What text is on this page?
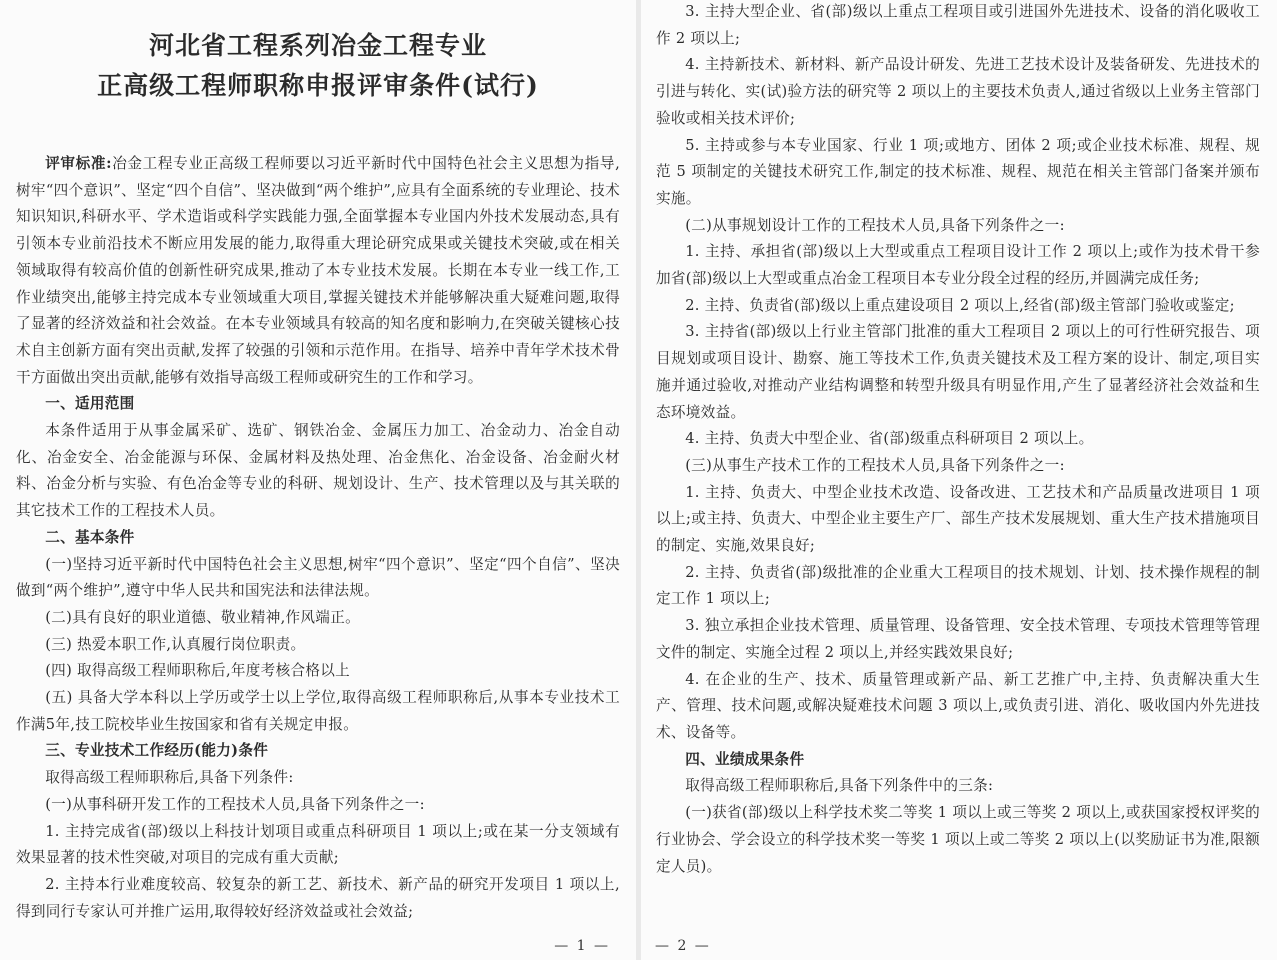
河北省工程系列冶金工程专业
正高级工程师职称申报评审条件(试行)

评审标准:冶金工程专业正高级工程师要以习近平新时代中国特色社会主义思想为指导,树牢“四个意识”、坚定“四个自信”、坚决做到“两个维护”,应具有全面系统的专业理论、技术知识知识,科研水平、学术造诣或科学实践能力强,全面掌握本专业国内外技术发展动态,具有引领本专业前沿技术不断应用发展的能力,取得重大理论研究成果或关键技术突破,或在相关领域取得有较高价值的创新性研究成果,推动了本专业技术发展。长期在本专业一线工作,工作业绩突出,能够主持完成本专业领域重大项目,掌握关键技术并能够解决重大疑难问题,取得了显著的经济效益和社会效益。在本专业领域具有较高的知名度和影响力,在突破关键核心技术自主创新方面有突出贡献,发挥了较强的引领和示范作用。在指导、培养中青年学术技术骨干方面做出突出贡献,能够有效指导高级工程师或研究生的工作和学习。

一、适用范围

本条件适用于从事金属采矿、选矿、钢铁冶金、金属压力加工、冶金动力、冶金自动化、冶金安全、冶金能源与环保、金属材料及热处理、冶金焦化、冶金设备、冶金耐火材料、冶金分析与实验、有色冶金等专业的科研、规划设计、生产、技术管理以及与其关联的其它技术工作的工程技术人员。

二、基本条件

(一)坚持习近平新时代中国特色社会主义思想,树牢“四个意识”、坚定“四个自信”、坚决做到“两个维护”,遵守中华人民共和国宪法和法律法规。

(二)具有良好的职业道德、敬业精神,作风端正。

(三) 热爱本职工作,认真履行岗位职责。

(四) 取得高级工程师职称后,年度考核合格以上

(五) 具备大学本科以上学历或学士以上学位,取得高级工程师职称后,从事本专业技术工作满5年,技工院校毕业生按国家和省有关规定申报。

三、专业技术工作经历(能力)条件

取得高级工程师职称后,具备下列条件:

(一)从事科研开发工作的工程技术人员,具备下列条件之一:

1. 主持完成省(部)级以上科技计划项目或重点科研项目 1 项以上;或在某一分支领域有效果显著的技术性突破,对项目的完成有重大贡献;

2. 主持本行业难度较高、较复杂的新工艺、新技术、新产品的研究开发项目 1 项以上,得到同行专家认可并推广运用,取得较好经济效益或社会效益;

— 1 —

3. 主持大型企业、省(部)级以上重点工程项目或引进国外先进技术、设备的消化吸收工作 2 项以上;

4. 主持新技术、新材料、新产品设计研发、先进工艺技术设计及装备研发、先进技术的引进与转化、实(试)验方法的研究等 2 项以上的主要技术负责人,通过省级以上业务主管部门验收或相关技术评价;

5. 主持或参与本专业国家、行业 1 项;或地方、团体 2 项;或企业技术标准、规程、规范 5 项制定的关键技术研究工作,制定的技术标准、规程、规范在相关主管部门备案并颁布实施。

(二)从事规划设计工作的工程技术人员,具备下列条件之一:

1. 主持、承担省(部)级以上大型或重点工程项目设计工作 2 项以上;或作为技术骨干参加省(部)级以上大型或重点冶金工程项目本专业分段全过程的经历,并圆满完成任务;

2. 主持、负责省(部)级以上重点建设项目 2 项以上,经省(部)级主管部门验收或鉴定;

3. 主持省(部)级以上行业主管部门批准的重大工程项目 2 项以上的可行性研究报告、项目规划或项目设计、勘察、施工等技术工作,负责关键技术及工程方案的设计、制定,项目实施并通过验收,对推动产业结构调整和转型升级具有明显作用,产生了显著经济社会效益和生态环境效益。

4. 主持、负责大中型企业、省(部)级重点科研项目 2 项以上。

(三)从事生产技术工作的工程技术人员,具备下列条件之一:

1. 主持、负责大、中型企业技术改造、设备改进、工艺技术和产品质量改进项目 1 项以上;或主持、负责大、中型企业主要生产厂、部生产技术发展规划、重大生产技术措施项目的制定、实施,效果良好;

2. 主持、负责省(部)级批准的企业重大工程项目的技术规划、计划、技术操作规程的制定工作 1 项以上;

3. 独立承担企业技术管理、质量管理、设备管理、安全技术管理、专项技术管理等管理文件的制定、实施全过程 2 项以上,并经实践效果良好;

4. 在企业的生产、技术、质量管理或新产品、新工艺推广中,主持、负责解决重大生产、管理、技术问题,或解决疑难技术问题 3 项以上,或负责引进、消化、吸收国内外先进技术、设备等。

四、业绩成果条件

取得高级工程师职称后,具备下列条件中的三条:

(一)获省(部)级以上科学技术奖二等奖 1 项以上或三等奖 2 项以上,或获国家授权评奖的行业协会、学会设立的科学技术奖一等奖 1 项以上或二等奖 2 项以上(以奖励证书为准,限额定人员)。

— 2 —
